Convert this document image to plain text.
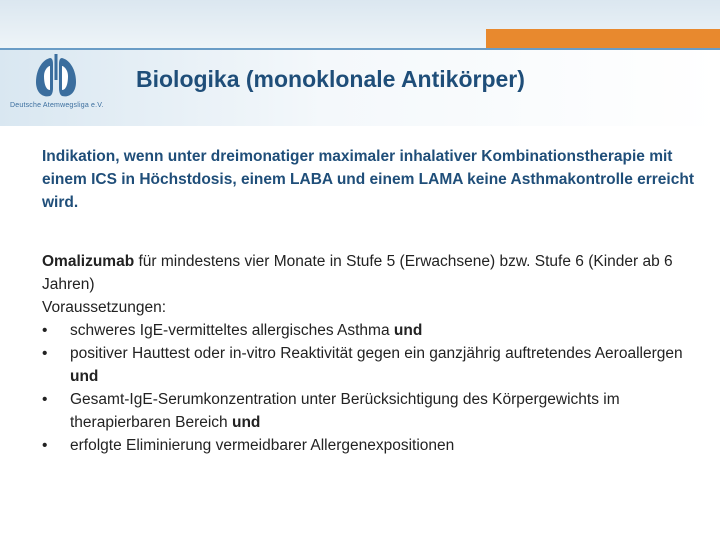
Deutsche Atemwegsliga e.V.
Biologika (monoklonale Antikörper)
Indikation, wenn unter dreimonatiger maximaler inhalativer Kombinationstherapie mit einem ICS in Höchstdosis, einem LABA und einem LAMA keine Asthmakontrolle erreicht wird.
Omalizumab für mindestens vier Monate in Stufe 5 (Erwachsene) bzw. Stufe 6 (Kinder ab 6 Jahren)
Voraussetzungen:
• schweres IgE-vermitteltes allergisches Asthma und
• positiver Hauttest oder in-vitro Reaktivität gegen ein ganzjährig auftretendes Aeroallergen und
• Gesamt-IgE-Serumkonzentration unter Berücksichtigung des Körpergewichts im therapierbaren Bereich und
• erfolgte Eliminierung vermeidbarer Allergenexpositionen
